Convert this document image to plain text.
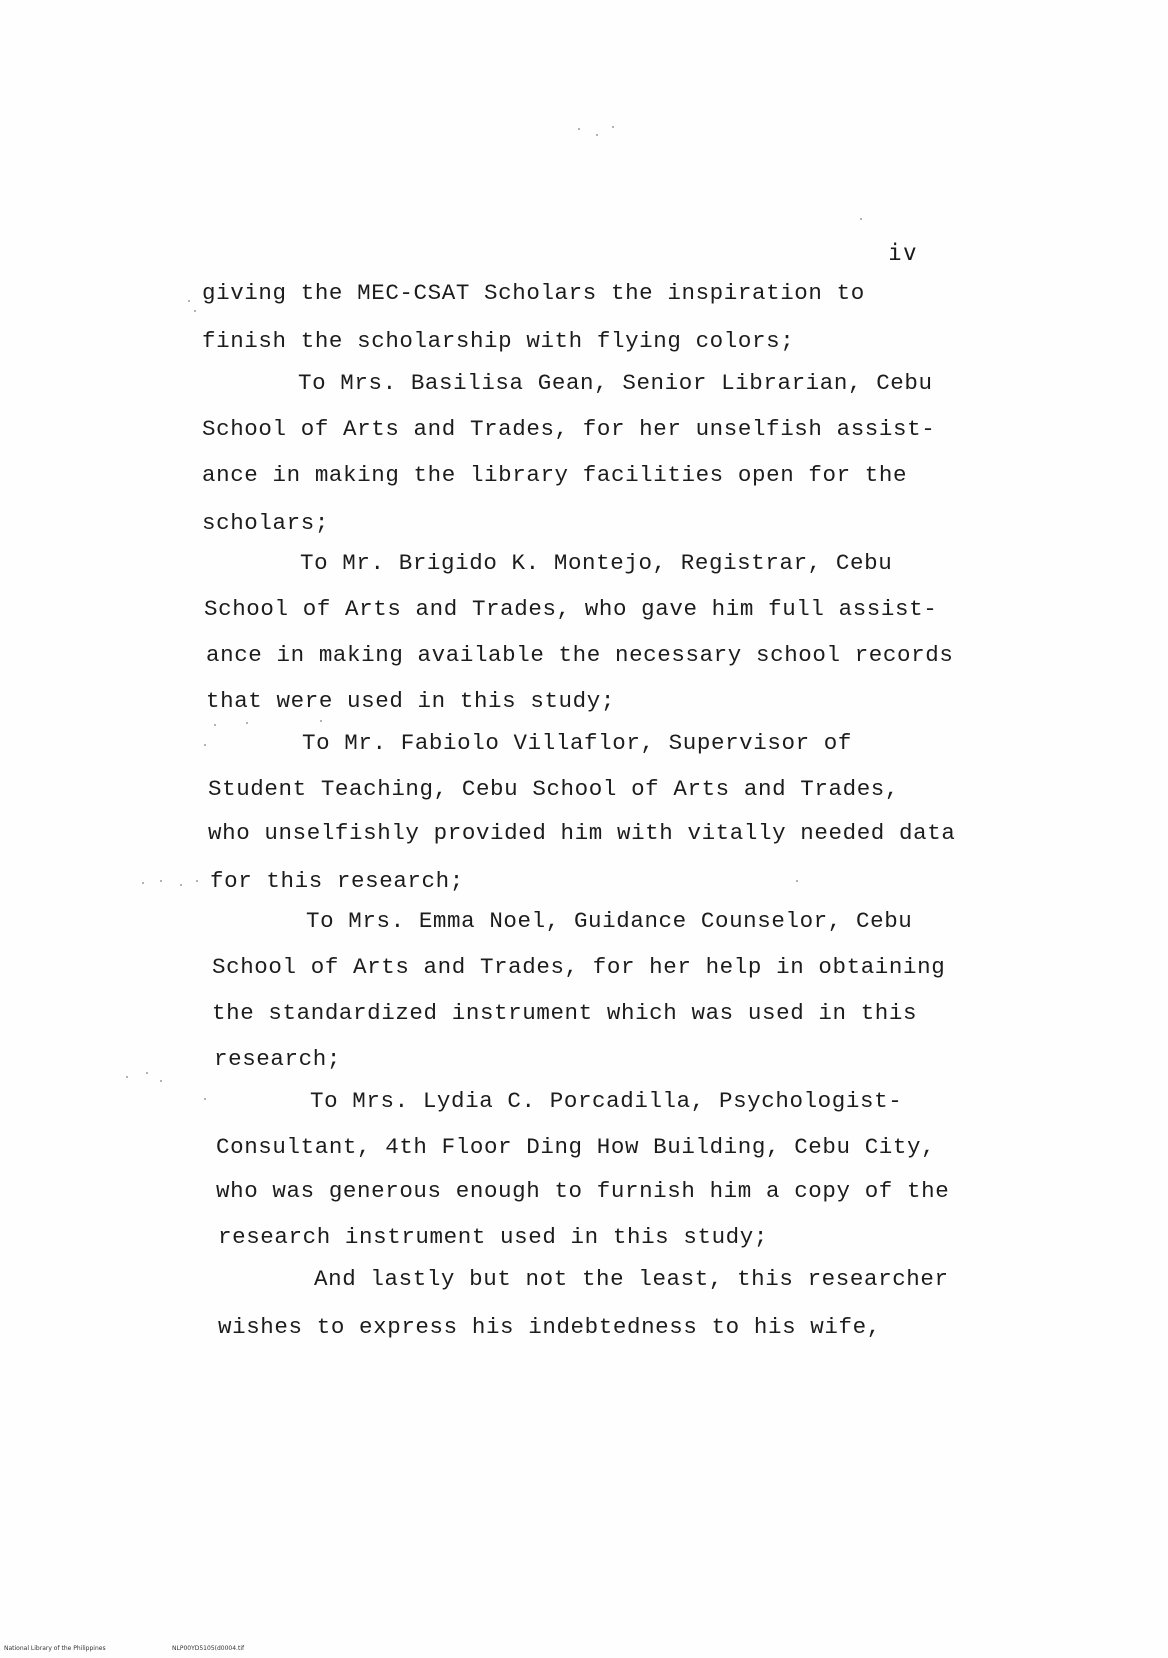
iv
giving the MEC-CSAT Scholars the inspiration to
finish the scholarship with flying colors;
To Mrs. Basilisa Gean, Senior Librarian, Cebu
School of Arts and Trades, for her unselfish assist-
ance in making the library facilities open for the
scholars;
To Mr. Brigido K. Montejo, Registrar, Cebu
School of Arts and Trades, who gave him full assist-
ance in making available the necessary school records
that were used in this study;
To Mr. Fabiolo Villaflor, Supervisor of
Student Teaching, Cebu School of Arts and Trades,
who unselfishly provided him with vitally needed data
for this research;
To Mrs. Emma Noel, Guidance Counselor, Cebu
School of Arts and Trades, for her help in obtaining
the standardized instrument which was used in this
research;
To Mrs. Lydia C. Porcadilla, Psychologist-
Consultant, 4th Floor Ding How Building, Cebu City,
who was generous enough to furnish him a copy of the
research instrument used in this study;
And lastly but not the least, this researcher
wishes to express his indebtedness to his wife,
National Library of the Philippines	NLP00YD5105(d0004.tif
